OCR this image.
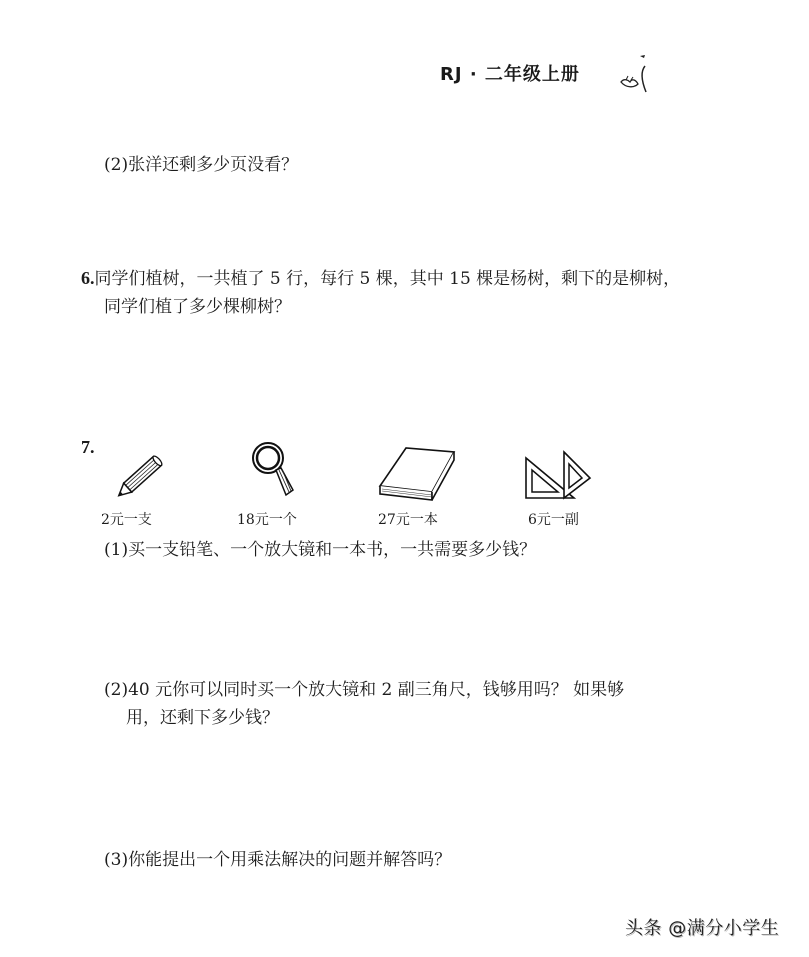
RJ · 二年级上册
(2)张洋还剩多少页没看？
6.同学们植树，一共植了 5 行，每行 5 棵，其中 15 棵是杨树，剩下的是柳树，
同学们植了多少棵柳树？
7.
2元一支	18元一个	27元一本	6元一副
(1)买一支铅笔、一个放大镜和一本书，一共需要多少钱？
(2)40 元你可以同时买一个放大镜和 2 副三角尺，钱够用吗？ 如果够
用，还剩下多少钱？
(3)你能提出一个用乘法解决的问题并解答吗？
头条 @满分小学生
